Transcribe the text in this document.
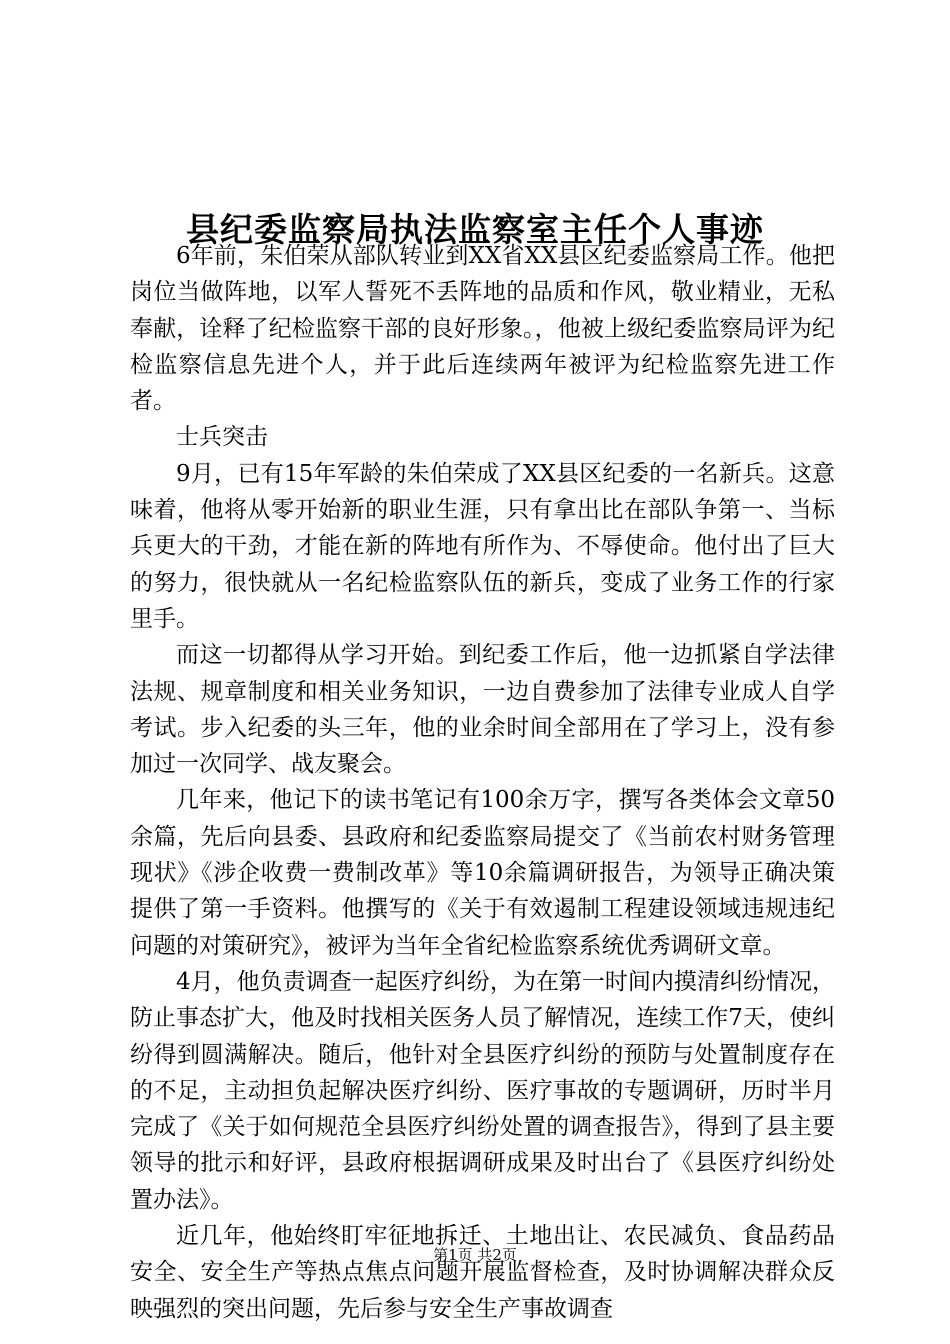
县纪委监察局执法监察室主任个人事迹

6年前，朱伯荣从部队转业到XX省XX县区纪委监察局工作。他把岗位当做阵地，以军人誓死不丢阵地的品质和作风，敬业精业，无私奉献，诠释了纪检监察干部的良好形象。，他被上级纪委监察局评为纪检监察信息先进个人，并于此后连续两年被评为纪检监察先进工作者。

士兵突击

9月，已有15年军龄的朱伯荣成了XX县区纪委的一名新兵。这意味着，他将从零开始新的职业生涯，只有拿出比在部队争第一、当标兵更大的干劲，才能在新的阵地有所作为、不辱使命。他付出了巨大的努力，很快就从一名纪检监察队伍的新兵，变成了业务工作的行家里手。

而这一切都得从学习开始。到纪委工作后，他一边抓紧自学法律法规、规章制度和相关业务知识，一边自费参加了法律专业成人自学考试。步入纪委的头三年，他的业余时间全部用在了学习上，没有参加过一次同学、战友聚会。

几年来，他记下的读书笔记有100余万字，撰写各类体会文章50余篇，先后向县委、县政府和纪委监察局提交了《当前农村财务管理现状》《涉企收费一费制改革》等10余篇调研报告，为领导正确决策提供了第一手资料。他撰写的《关于有效遏制工程建设领域违规违纪问题的对策研究》，被评为当年全省纪检监察系统优秀调研文章。

4月，他负责调查一起医疗纠纷，为在第一时间内摸清纠纷情况，防止事态扩大，他及时找相关医务人员了解情况，连续工作7天，使纠纷得到圆满解决。随后，他针对全县医疗纠纷的预防与处置制度存在的不足，主动担负起解决医疗纠纷、医疗事故的专题调研，历时半月完成了《关于如何规范全县医疗纠纷处置的调查报告》，得到了县主要领导的批示和好评，县政府根据调研成果及时出台了《县医疗纠纷处置办法》。

近几年，他始终盯牢征地拆迁、土地出让、农民减负、食品药品安全、安全生产等热点焦点问题开展监督检查，及时协调解决群众反映强烈的突出问题，先后参与安全生产事故调查

第1页 共2页
